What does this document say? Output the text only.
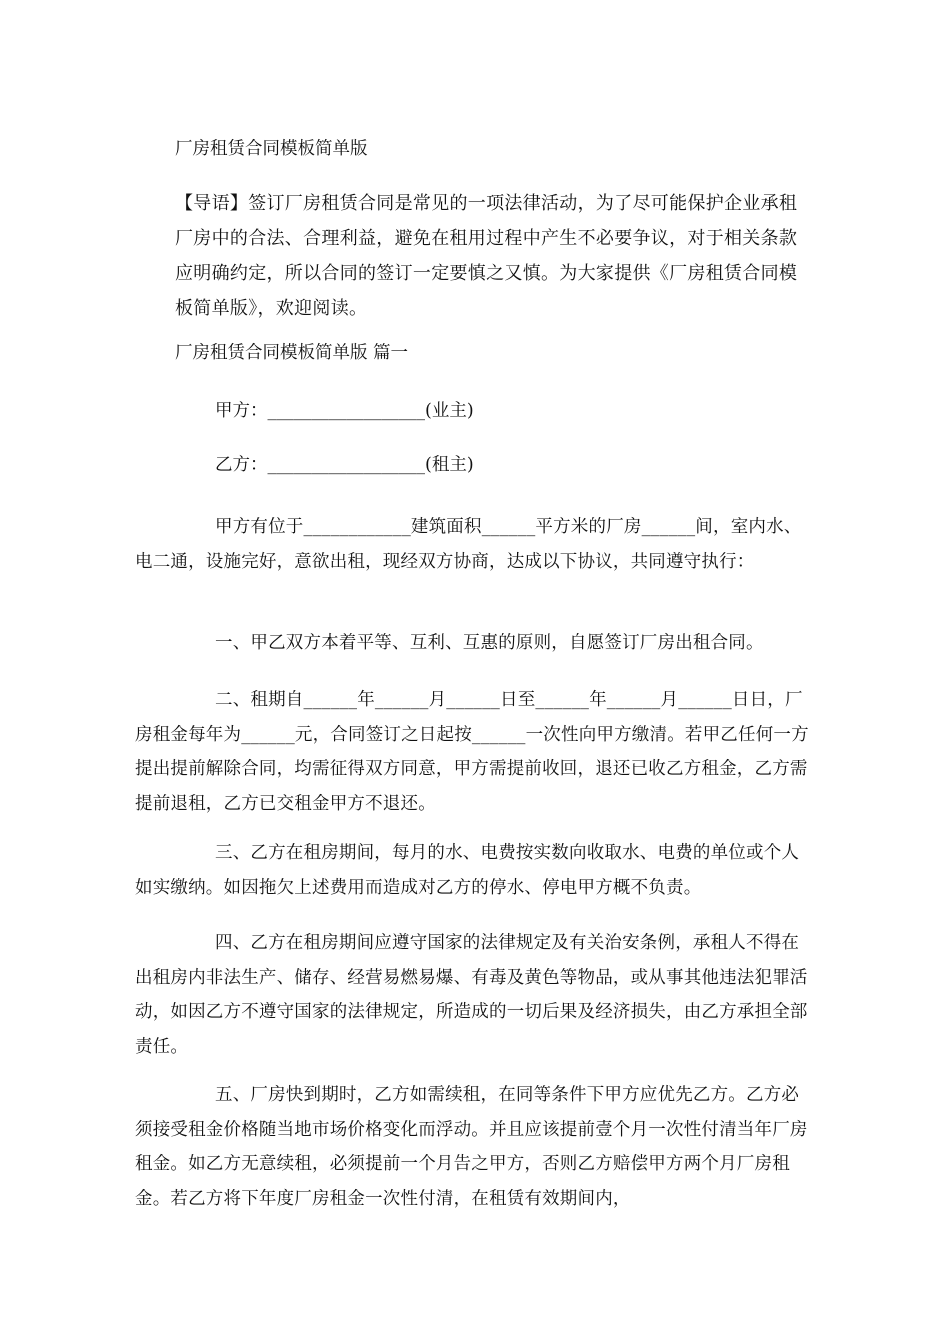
厂房租赁合同模板简单版
【导语】签订厂房租赁合同是常见的一项法律活动，为了尽可能保护企业承租厂房中的合法、合理利益，避免在租用过程中产生不必要争议，对于相关条款应明确约定，所以合同的签订一定要慎之又慎。为大家提供《厂房租赁合同模板简单版》，欢迎阅读。
厂房租赁合同模板简单版 篇一
甲方：__________________(业主)
乙方：__________________(租主)
甲方有位于____________建筑面积______平方米的厂房______间，室内水、电二通，设施完好，意欲出租，现经双方协商，达成以下协议，共同遵守执行：
一、甲乙双方本着平等、互利、互惠的原则，自愿签订厂房出租合同。
二、租期自______年______月______日至______年______月______日日，厂房租金每年为______元，合同签订之日起按______一次性向甲方缴清。若甲乙任何一方提出提前解除合同，均需征得双方同意，甲方需提前收回，退还已收乙方租金，乙方需提前退租，乙方已交租金甲方不退还。
三、乙方在租房期间，每月的水、电费按实数向收取水、电费的单位或个人如实缴纳。如因拖欠上述费用而造成对乙方的停水、停电甲方概不负责。
四、乙方在租房期间应遵守国家的法律规定及有关治安条例，承租人不得在出租房内非法生产、储存、经营易燃易爆、有毒及黄色等物品，或从事其他违法犯罪活动，如因乙方不遵守国家的法律规定，所造成的一切后果及经济损失，由乙方承担全部责任。
五、厂房快到期时，乙方如需续租，在同等条件下甲方应优先乙方。乙方必须接受租金价格随当地市场价格变化而浮动。并且应该提前壹个月一次性付清当年厂房租金。如乙方无意续租，必须提前一个月告之甲方，否则乙方赔偿甲方两个月厂房租金。若乙方将下年度厂房租金一次性付清，在租赁有效期间内，
